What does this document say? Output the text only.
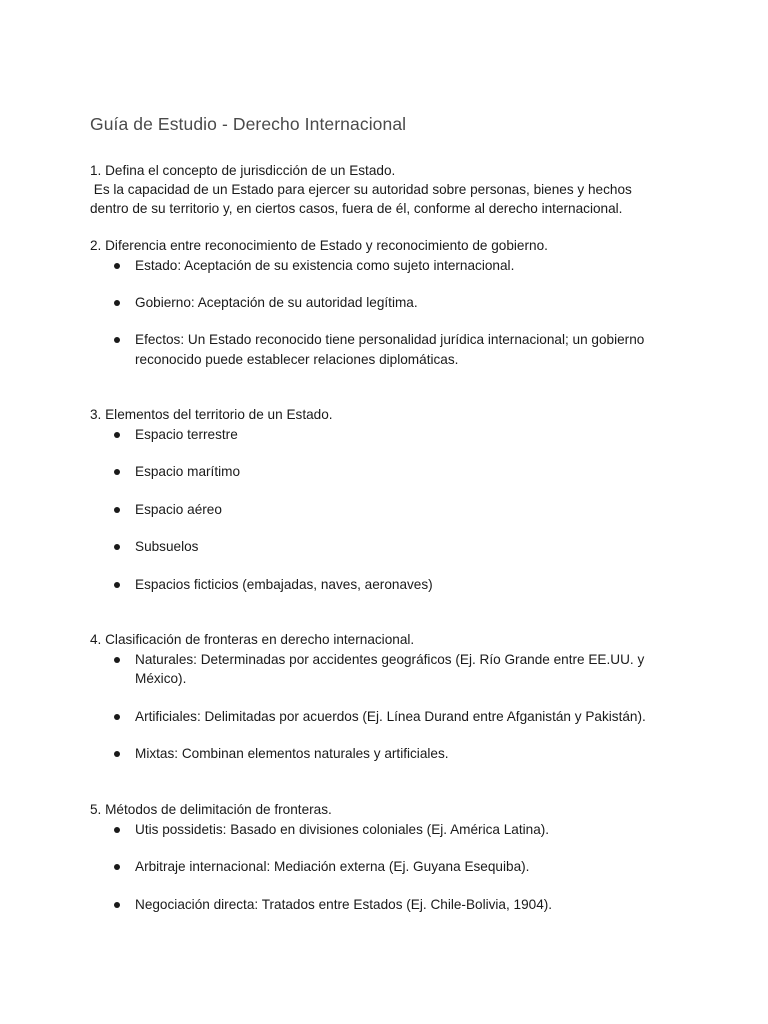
Guía de Estudio - Derecho Internacional
1. Defina el concepto de jurisdicción de un Estado.
Es la capacidad de un Estado para ejercer su autoridad sobre personas, bienes y hechos
dentro de su territorio y, en ciertos casos, fuera de él, conforme al derecho internacional.
2. Diferencia entre reconocimiento de Estado y reconocimiento de gobierno.
Estado: Aceptación de su existencia como sujeto internacional.
Gobierno: Aceptación de su autoridad legítima.
Efectos: Un Estado reconocido tiene personalidad jurídica internacional; un gobierno
reconocido puede establecer relaciones diplomáticas.
3. Elementos del territorio de un Estado.
Espacio terrestre
Espacio marítimo
Espacio aéreo
Subsuelos
Espacios ficticios (embajadas, naves, aeronaves)
4. Clasificación de fronteras en derecho internacional.
Naturales: Determinadas por accidentes geográficos (Ej. Río Grande entre EE.UU. y
México).
Artificiales: Delimitadas por acuerdos (Ej. Línea Durand entre Afganistán y Pakistán).
Mixtas: Combinan elementos naturales y artificiales.
5. Métodos de delimitación de fronteras.
Utis possidetis: Basado en divisiones coloniales (Ej. América Latina).
Arbitraje internacional: Mediación externa (Ej. Guyana Esequiba).
Negociación directa: Tratados entre Estados (Ej. Chile-Bolivia, 1904).
